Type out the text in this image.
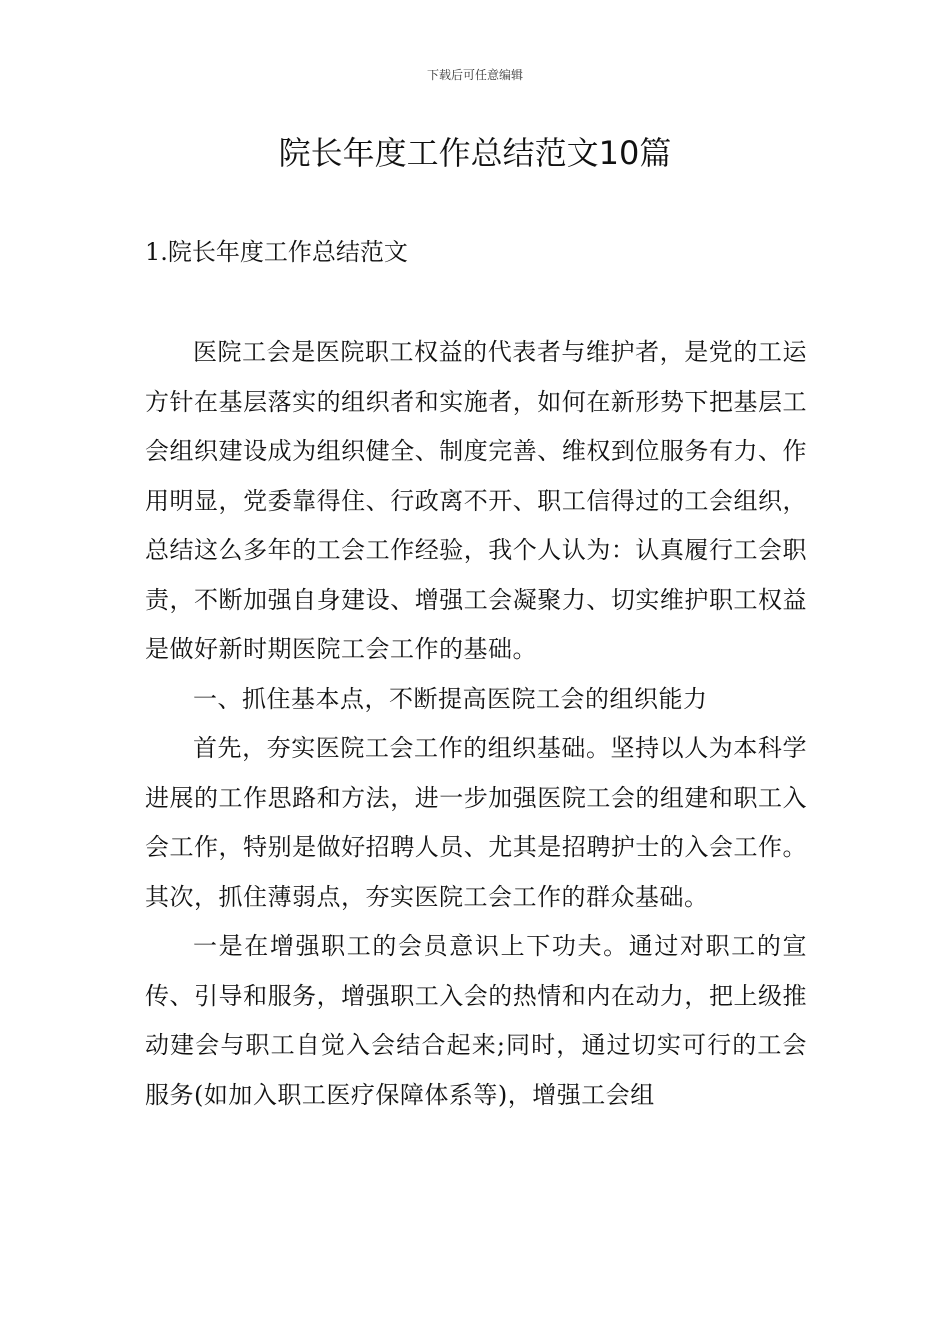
下载后可任意编辑
院长年度工作总结范文10篇
1.院长年度工作总结范文

医院工会是医院职工权益的代表者与维护者，是党的工运方针在基层落实的组织者和实施者，如何在新形势下把基层工会组织建设成为组织健全、制度完善、维权到位服务有力、作用明显，党委靠得住、行政离不开、职工信得过的工会组织，总结这么多年的工会工作经验，我个人认为：认真履行工会职责，不断加强自身建设、增强工会凝聚力、切实维护职工权益是做好新时期医院工会工作的基础。

一、抓住基本点，不断提高医院工会的组织能力

首先，夯实医院工会工作的组织基础。坚持以人为本科学进展的工作思路和方法，进一步加强医院工会的组建和职工入会工作，特别是做好招聘人员、尤其是招聘护士的入会工作。其次，抓住薄弱点，夯实医院工会工作的群众基础。

一是在增强职工的会员意识上下功夫。通过对职工的宣传、引导和服务，增强职工入会的热情和内在动力，把上级推动建会与职工自觉入会结合起来;同时，通过切实可行的工会服务(如加入职工医疗保障体系等)，增强工会组
